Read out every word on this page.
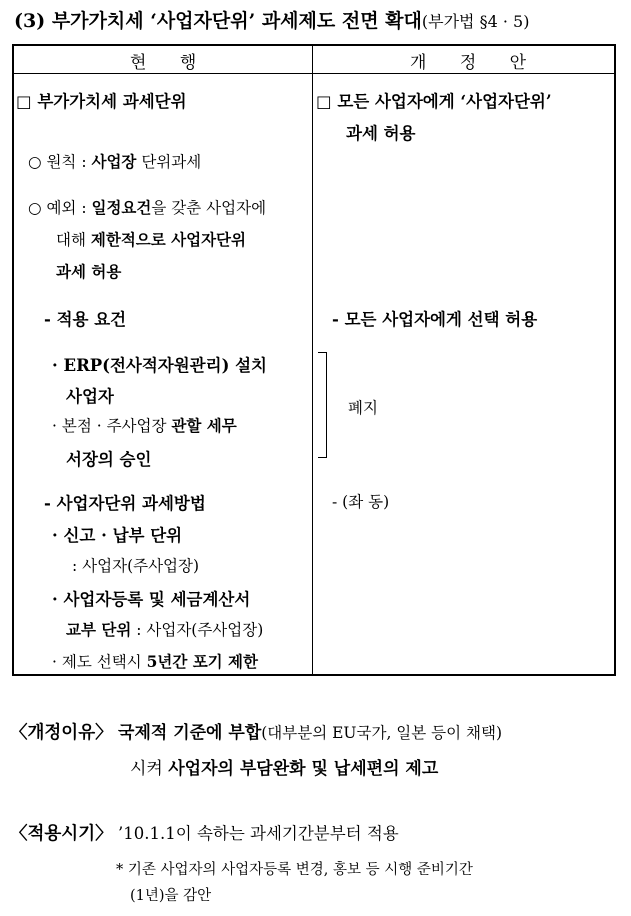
(3) 부가가치세 ‘사업자단위’ 과세제도 전면 확대(부가법 §4 · 5)
현 행	개 정 안
□ 부가가치세 과세단위
○ 원칙 : 사업장 단위과세
○ 예외 : 일정요건을 갖춘 사업자에
대해 제한적으로 사업자단위
과세 허용
- 적용 요건
· ERP(전사적자원관리) 설치
사업자
· 본점 · 주사업장 관할 세무
서장의 승인
- 사업자단위 과세방법
· 신고 · 납부 단위
: 사업자(주사업장)
· 사업자등록 및 세금계산서
교부 단위 : 사업자(주사업장)
· 제도 선택시 5년간 포기 제한
□ 모든 사업자에게 ‘사업자단위’
과세 허용
- 모든 사업자에게 선택 허용
폐지
- (좌 동)
〈개정이유〉 국제적 기준에 부합(대부분의 EU국가, 일본 등이 채택)
시켜 사업자의 부담완화 및 납세편의 제고
〈적용시기〉 ’10.1.1이 속하는 과세기간분부터 적용
* 기존 사업자의 사업자등록 변경, 홍보 등 시행 준비기간
(1년)을 감안
